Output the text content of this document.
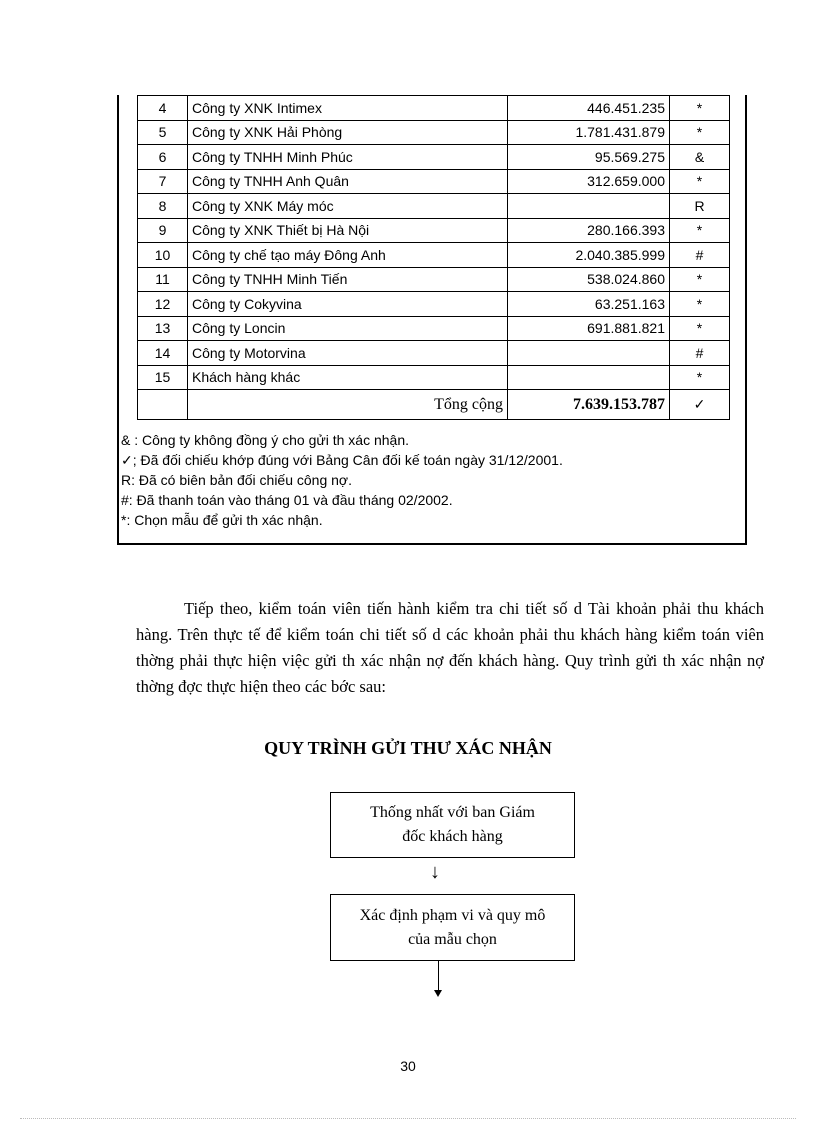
4	Công ty XNK Intimex	446.451.235	*
5	Công ty XNK Hải Phòng	1.781.431.879	*
6	Công ty TNHH Minh Phúc	95.569.275	&
7	Công ty TNHH Anh Quân	312.659.000	*
8	Công ty XNK Máy móc		R
9	Công ty XNK Thiết bị Hà Nội	280.166.393	*
10	Công ty chế tạo máy Đông Anh	2.040.385.999	#
11	Công ty TNHH Minh Tiến	538.024.860	*
12	Công ty Cokyvina	63.251.163	*
13	Công ty Loncin	691.881.821	*
14	Công ty Motorvina		#
15	Khách hàng khác		*
	Tổng cộng	7.639.153.787	✓
& : Công ty không đồng ý cho gửi th xác nhận.
✓; Đã đối chiếu khớp đúng với Bảng Cân đối kế toán ngày 31/12/2001.
R: Đã có biên bản đối chiếu công nợ.
#: Đã thanh toán vào tháng 01 và đầu tháng 02/2002.
*: Chọn mẫu để gửi th xác nhận.

Tiếp theo, kiểm toán viên tiến hành kiểm tra chi tiết số d Tài khoản phải thu khách hàng. Trên thực tế để kiểm toán chi tiết số d các khoản phải thu khách hàng kiểm toán viên thờng phải thực hiện việc gửi th xác nhận nợ đến khách hàng. Quy trình gửi th xác nhận nợ thờng đợc thực hiện theo các bớc sau:

QUY TRÌNH GỬI THƯ XÁC NHẬN
Thống nhất với ban Giám đốc khách hàng
↓
Xác định phạm vi và quy mô của mẫu chọn
30
